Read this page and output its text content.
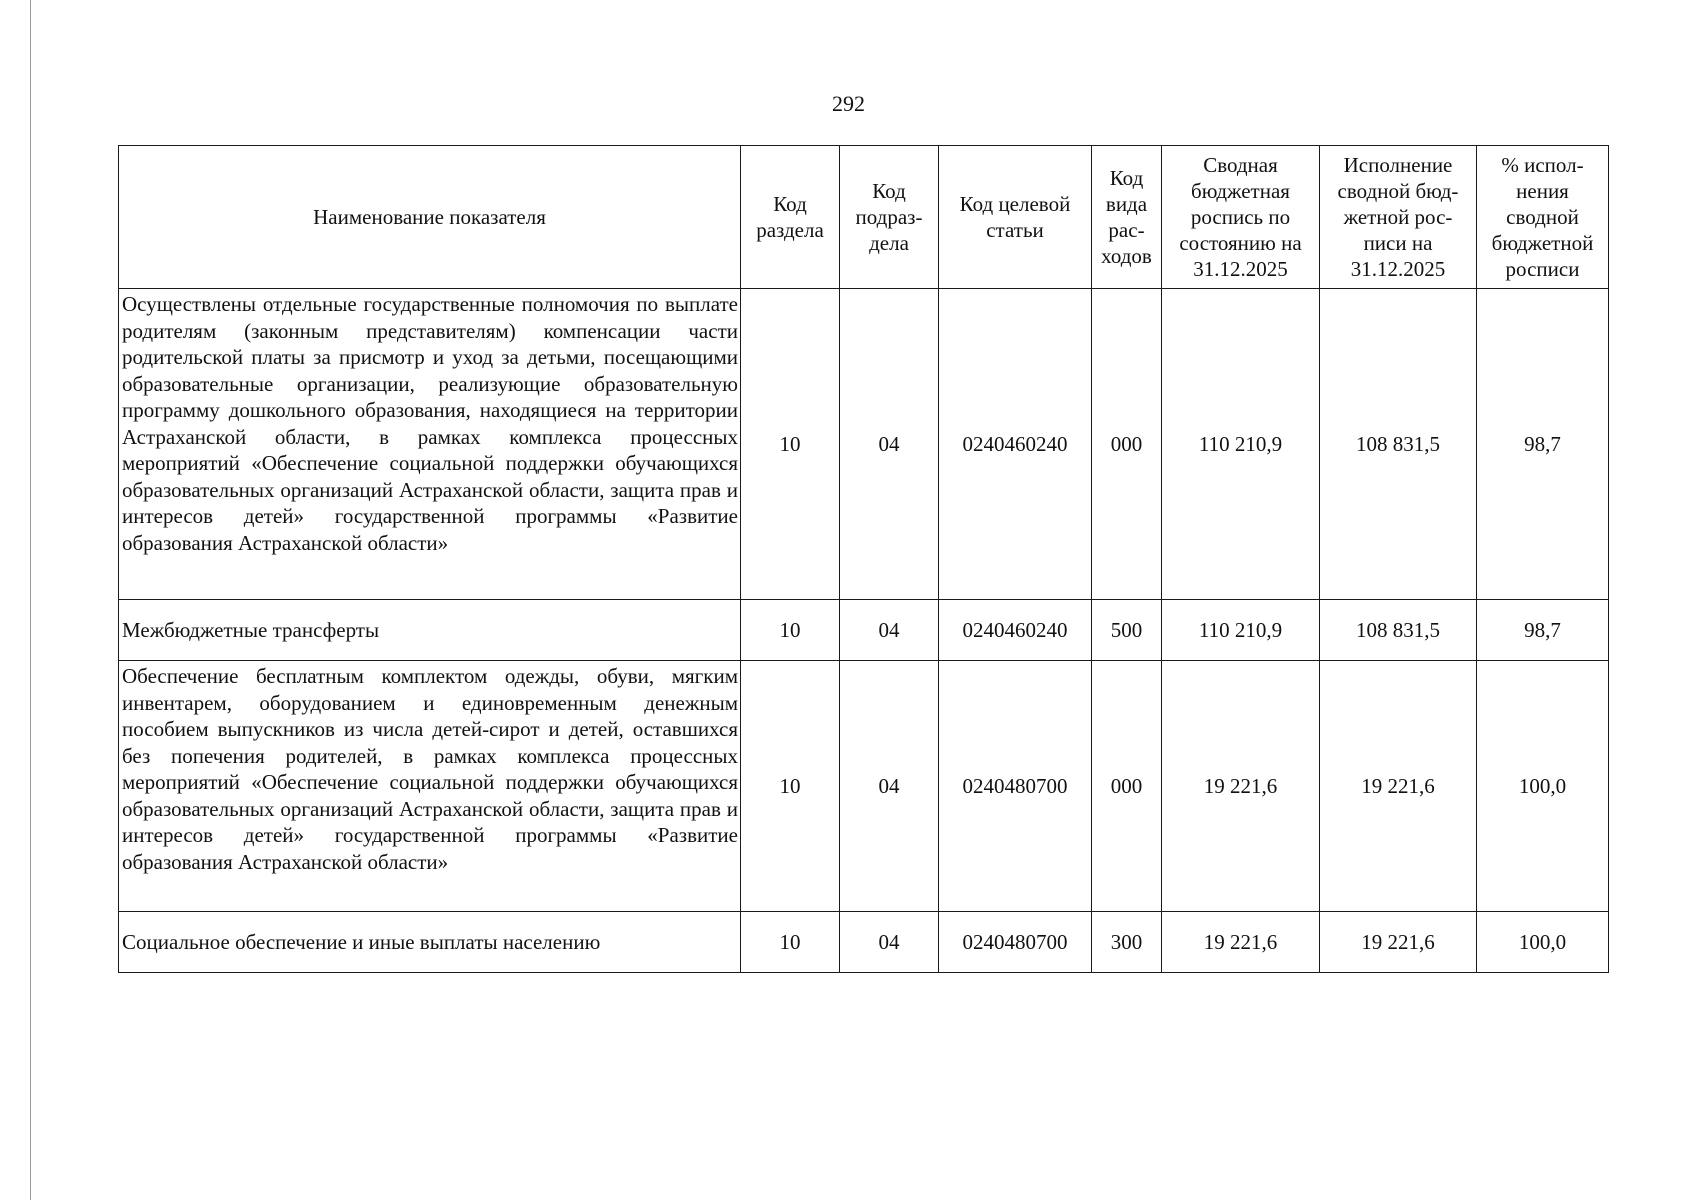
292
Наименование показателя	Код раздела	Код подраз-дела	Код целевой статьи	Код вида рас-ходов	Сводная бюджетная роспись по состоянию на 31.12.2025	Исполнение сводной бюд-жетной рос-писи на 31.12.2025	% испол-нения сводной бюджетной росписи
Осуществлены отдельные государственные полномочия по выплате родителям (законным представителям) компенсации части родительской платы за присмотр и уход за детьми, посещающими образовательные организации, реализующие образовательную программу дошкольного образования, находящиеся на территории Астраханской области, в рамках комплекса процессных мероприятий «Обеспечение социальной поддержки обучающихся образовательных организаций Астраханской области, защита прав и интересов детей» государственной программы «Развитие образования Астраханской области»	10	04	0240460240	000	110 210,9	108 831,5	98,7
Межбюджетные трансферты	10	04	0240460240	500	110 210,9	108 831,5	98,7
Обеспечение бесплатным комплектом одежды, обуви, мягким инвентарем, оборудованием и единовременным денежным пособием выпускников из числа детей-сирот и детей, оставшихся без попечения родителей, в рамках комплекса процессных мероприятий «Обеспечение социальной поддержки обучающихся образовательных организаций Астраханской области, защита прав и интересов детей» государственной программы «Развитие образования Астраханской области»	10	04	0240480700	000	19 221,6	19 221,6	100,0
Социальное обеспечение и иные выплаты населению	10	04	0240480700	300	19 221,6	19 221,6	100,0
